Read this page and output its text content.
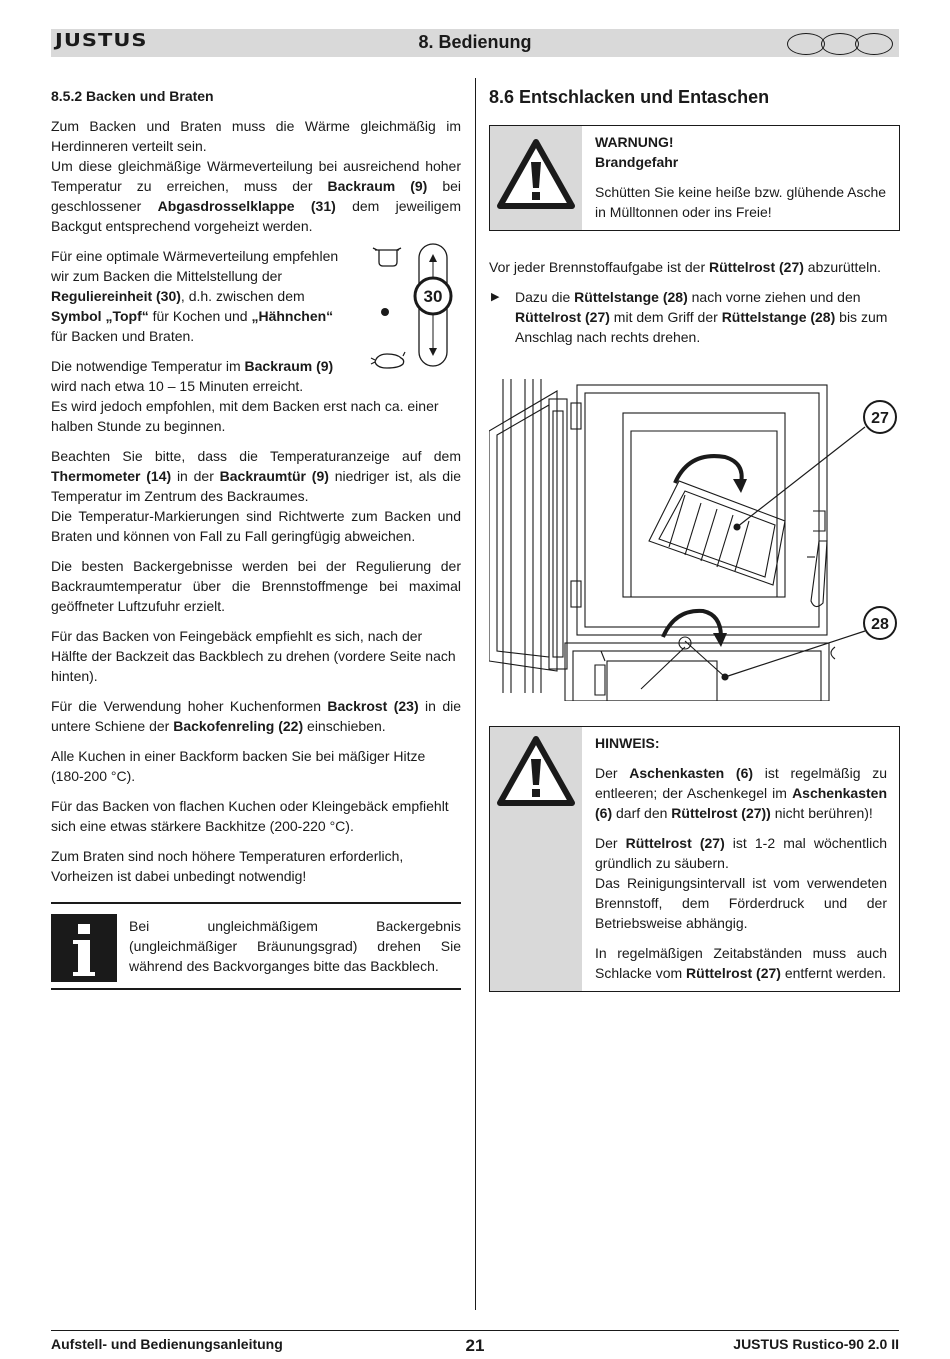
JUSTUS	8. Bedienung
8.5.2 Backen und Braten

Zum Backen und Braten muss die Wärme gleichmäßig im Herdinneren verteilt sein.
Um diese gleichmäßige Wärmeverteilung bei ausreichend hoher Temperatur zu erreichen, muss der Backraum (9) bei geschlossener Abgasdrosselklappe (31) dem jeweiligem Backgut entsprechend vorgeheizt werden.

Für eine optimale Wärmeverteilung empfehlen wir zum Backen die Mittelstellung der Reguliereinheit (30), d.h. zwischen dem Symbol „Topf“ für Kochen und „Hähnchen“ für Backen und Braten.

30

Die notwendige Temperatur im Backraum (9)
wird nach etwa 10 – 15 Minuten erreicht.
Es wird jedoch empfohlen, mit dem Backen erst nach ca. einer halben Stunde zu beginnen.

Beachten Sie bitte, dass die Temperaturanzeige auf dem Thermometer (14) in der Backraumtür (9) niedriger ist, als die Temperatur im Zentrum des Backraumes.
Die Temperatur-Markierungen sind Richtwerte zum Backen und Braten und können von Fall zu Fall geringfügig abweichen.

Die besten Backergebnisse werden bei der Regulierung der Backraumtemperatur über die Brennstoffmenge bei maximal geöffneter Luftzufuhr erzielt.

Für das Backen von Feingebäck empfiehlt es sich, nach der Hälfte der Backzeit das Backblech zu drehen (vordere Seite nach hinten).

Für die Verwendung hoher Kuchenformen Backrost (23) in die untere Schiene der Backofenreling (22) einschieben.

Alle Kuchen in einer Backform backen Sie bei mäßiger Hitze (180-200 °C).

Für das Backen von flachen Kuchen oder Kleingebäck empfiehlt sich eine etwas stärkere Backhitze (200-220 °C).

Zum Braten sind noch höhere Temperaturen erforderlich, Vorheizen ist dabei unbedingt notwendig!

Bei ungleichmäßigem Backergebnis (ungleichmäßiger Bräunungsgrad) drehen Sie während des Backvorganges bitte das Backblech.

8.6 Entschlacken und Entaschen
WARNUNG!
Brandgefahr

Schütten Sie keine heiße bzw. glühende Asche in Mülltonnen oder ins Freie!

Vor jeder Brennstoffaufgabe ist der Rüttelrost (27) abzurütteln.

▶	Dazu die Rüttelstange (28) nach vorne ziehen und den Rüttelrost (27) mit dem Griff der Rüttelstange (28) bis zum Anschlag nach rechts drehen.
27
28
HINWEIS:

Der Aschenkasten (6) ist regelmäßig zu entleeren; der Aschenkegel im Aschenkasten (6) darf den Rüttelrost (27)) nicht berühren)!

Der Rüttelrost (27) ist 1-2 mal wöchentlich gründlich zu säubern.
Das Reinigungsintervall ist vom verwendeten Brennstoff, dem Förderdruck und der Betriebsweise abhängig.

In regelmäßigen Zeitabständen muss auch Schlacke vom Rüttelrost (27) entfernt werden.

21
Aufstell- und Bedienungsanleitung	JUSTUS Rustico-90 2.0 II
